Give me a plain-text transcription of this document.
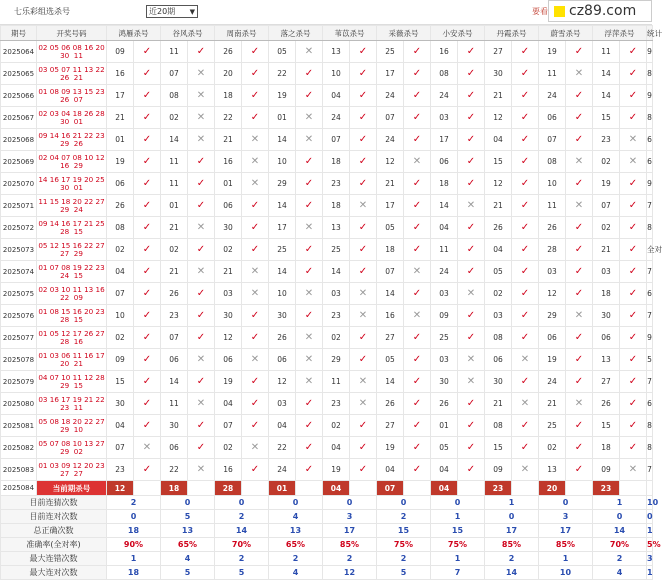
七乐彩组选杀号	近20期 ▼	要看 cz89.com
期号	开奖号码	鸿雁杀号		谷风杀号		周南杀号		落之杀号		苇苡杀号		采薇杀号		小安杀号		丹霞杀号		蔚雪杀号		浮萍杀号		统计
2025064	02 05 06 08 16 20
30  11	09	✓	11	✓	26	✓	05	✕	13	✓	25	✓	16	✓	27	✓	19	✓	11	✓	9
2025065	03 05 07 11 13 22
26  21	16	✓	07	✕	20	✓	22	✓	10	✓	17	✓	08	✓	30	✓	11	✕	14	✓	8
2025066	01 08 09 13 15 23
26  07	17	✓	08	✕	18	✓	19	✓	04	✓	24	✓	24	✓	21	✓	24	✓	14	✓	9
2025067	02 03 04 18 26 28
30  01	21	✓	02	✕	22	✓	01	✕	24	✓	07	✓	03	✓	12	✓	06	✓	15	✓	8
2025068	09 14 16 21 22 23
29  26	01	✓	14	✕	21	✕	14	✕	07	✓	24	✓	17	✓	04	✓	07	✓	23	✕	6
2025069	02 04 07 08 10 12
16  29	19	✓	11	✓	16	✕	10	✓	18	✓	12	✕	06	✓	15	✓	08	✕	02	✕	6
2025070	14 16 17 19 20 25
30  01	06	✓	11	✓	01	✕	29	✓	23	✓	21	✓	18	✓	12	✓	10	✓	19	✓	9
2025071	11 15 18 20 22 27
29  24	26	✓	01	✓	06	✓	14	✓	18	✕	17	✓	14	✕	21	✓	11	✕	07	✓	7
2025072	09 14 16 17 21 25
28  15	08	✓	21	✕	30	✓	17	✕	13	✓	05	✓	04	✓	26	✓	26	✓	02	✓	8
2025073	05 12 15 16 22 27
27  29	02	✓	02	✓	02	✓	25	✓	25	✓	18	✓	11	✓	04	✓	28	✓	21	✓	全对
2025074	01 07 08 19 22 23
24  15	04	✓	21	✕	21	✕	14	✓	14	✓	07	✕	24	✓	05	✓	03	✓	03	✓	7
2025075	02 03 10 11 13 16
22  09	07	✓	26	✓	03	✕	10	✕	03	✕	14	✓	03	✕	02	✓	12	✓	18	✓	6
2025076	01 08 15 16 20 23
28  15	10	✓	23	✓	30	✓	30	✓	23	✕	16	✕	09	✓	03	✓	29	✕	30	✓	7
2025077	01 05 12 17 26 27
28  16	02	✓	07	✓	12	✓	26	✕	02	✓	27	✓	25	✓	08	✓	06	✓	06	✓	9
2025078	01 03 06 11 16 17
20  21	09	✓	06	✕	06	✕	06	✕	29	✓	05	✓	03	✕	06	✕	19	✓	13	✓	5
2025079	04 07 10 11 12 28
29  15	15	✓	14	✓	19	✓	12	✕	11	✕	14	✓	30	✕	30	✓	24	✓	27	✓	7
2025080	03 16 17 19 21 22
23  11	30	✓	11	✕	04	✓	03	✓	23	✕	26	✓	26	✓	21	✕	21	✕	26	✓	6
2025081	05 08 18 20 22 27
29  10	04	✓	30	✓	07	✓	04	✓	02	✓	27	✓	01	✓	08	✓	25	✓	15	✓	8
2025082	05 07 08 10 13 27
29  02	07	✕	06	✓	02	✕	22	✓	04	✓	19	✓	05	✓	15	✓	02	✓	18	✓	8
2025083	01 03 09 12 20 23
27  27	23	✓	22	✕	16	✓	24	✓	19	✓	04	✓	04	✓	09	✕	13	✓	09	✕	7
2025084	当前期杀号	12		18		28		01		04		07		04		23		20		23		
目前连猜次数		2		0		0		0		0		0		0		1		0		1		10
目前连对次数		0		5		2		4		3		2		1		0		3		0		0
总正确次数		18		13		14		13		17		15		15		17		17		14		1
准确率(全对率)		90%		65%		70%		65%		85%		75%		75%		85%		85%		70%		5%
最大连错次数		1		4		2		2		2		2		1		2		1		2		3
最大连对次数		18		5		5		4		12		5		7		14		10		4		1
